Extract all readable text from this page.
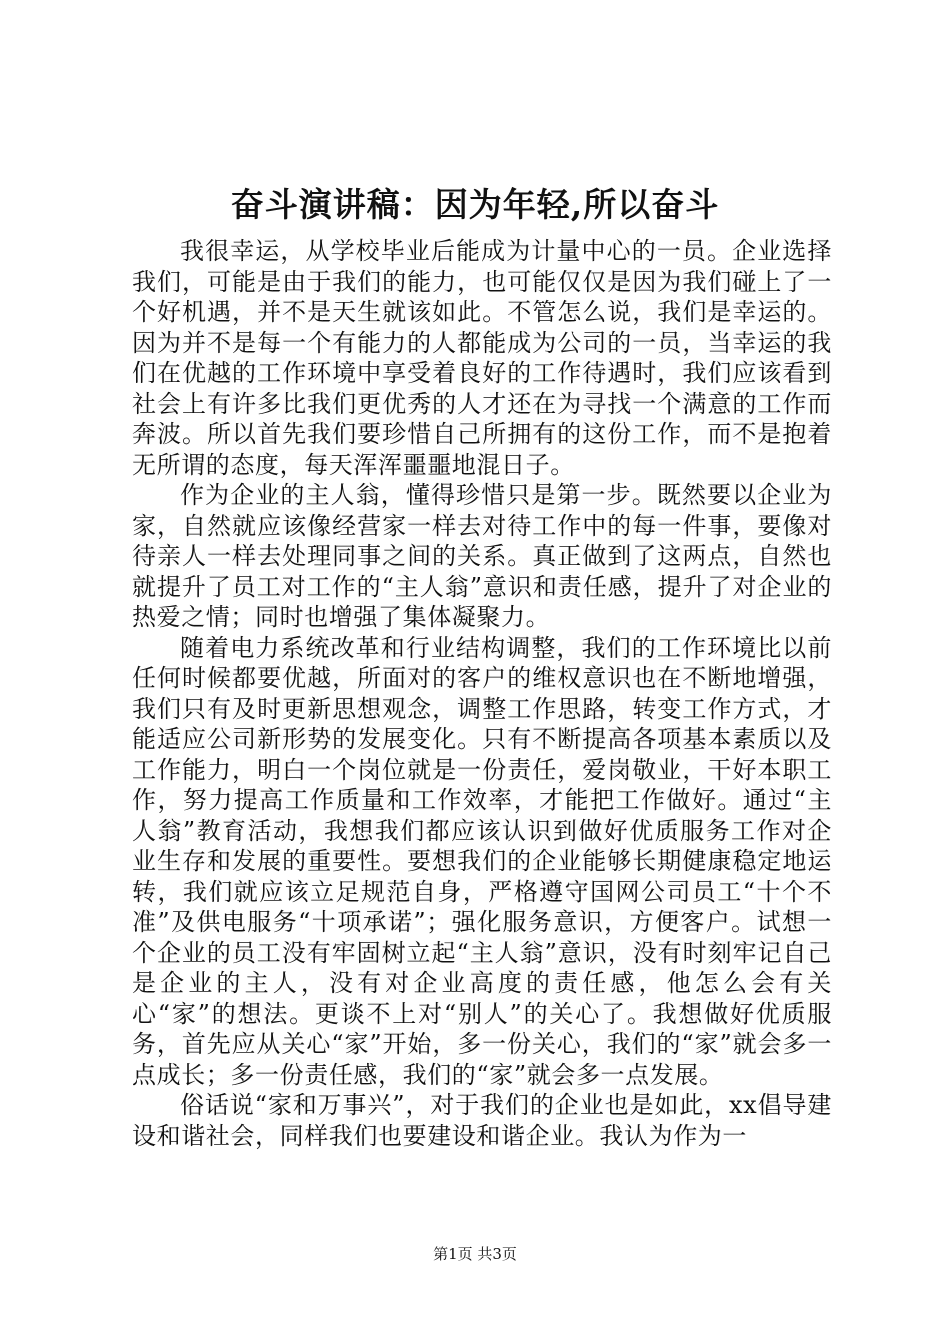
奋斗演讲稿：因为年轻,所以奋斗

我很幸运，从学校毕业后能成为计量中心的一员。企业选择我们，可能是由于我们的能力，也可能仅仅是因为我们碰上了一个好机遇，并不是天生就该如此。不管怎么说，我们是幸运的。因为并不是每一个有能力的人都能成为公司的一员，当幸运的我们在优越的工作环境中享受着良好的工作待遇时，我们应该看到社会上有许多比我们更优秀的人才还在为寻找一个满意的工作而奔波。所以首先我们要珍惜自己所拥有的这份工作，而不是抱着无所谓的态度，每天浑浑噩噩地混日子。

作为企业的主人翁，懂得珍惜只是第一步。既然要以企业为家，自然就应该像经营家一样去对待工作中的每一件事，要像对待亲人一样去处理同事之间的关系。真正做到了这两点，自然也就提升了员工对工作的“主人翁”意识和责任感，提升了对企业的热爱之情；同时也增强了集体凝聚力。

随着电力系统改革和行业结构调整，我们的工作环境比以前任何时候都要优越，所面对的客户的维权意识也在不断地增强，我们只有及时更新思想观念，调整工作思路，转变工作方式，才能适应公司新形势的发展变化。只有不断提高各项基本素质以及工作能力，明白一个岗位就是一份责任，爱岗敬业，干好本职工作，努力提高工作质量和工作效率，才能把工作做好。通过“主人翁”教育活动，我想我们都应该认识到做好优质服务工作对企业生存和发展的重要性。要想我们的企业能够长期健康稳定地运转，我们就应该立足规范自身，严格遵守国网公司员工“十个不准”及供电服务“十项承诺”；强化服务意识，方便客户。试想一个企业的员工没有牢固树立起“主人翁”意识，没有时刻牢记自己是企业的主人，没有对企业高度的责任感，他怎么会有关心“家”的想法。更谈不上对“别人”的关心了。我想做好优质服务，首先应从关心“家”开始，多一份关心，我们的“家”就会多一点成长；多一份责任感，我们的“家”就会多一点发展。

俗话说“家和万事兴”，对于我们的企业也是如此，xx倡导建设和谐社会，同样我们也要建设和谐企业。我认为作为一

第1页 共3页
